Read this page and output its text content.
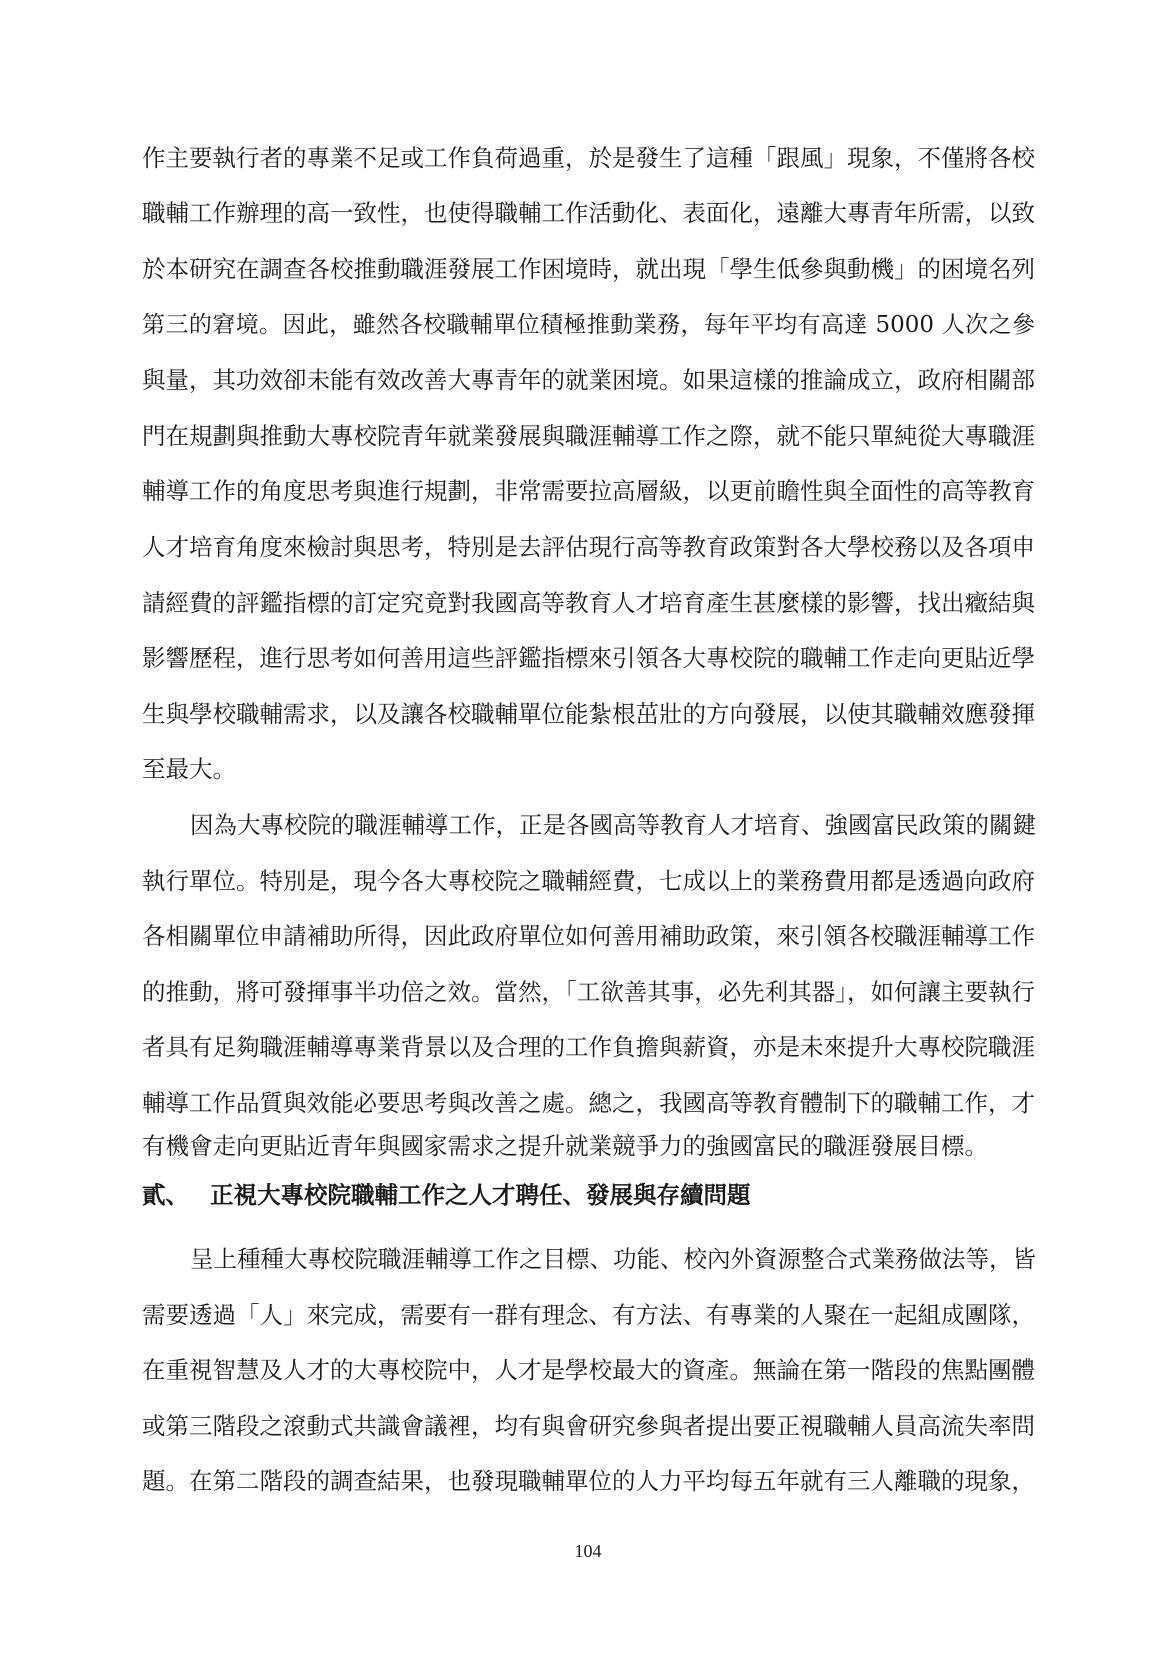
作主要執行者的專業不足或工作負荷過重，於是發生了這種「跟風」現象，不僅將各校
職輔工作辦理的高一致性，也使得職輔工作活動化、表面化，遠離大專青年所需，以致
於本研究在調查各校推動職涯發展工作困境時，就出現「學生低參與動機」的困境名列
第三的窘境。因此，雖然各校職輔單位積極推動業務，每年平均有高達 5000 人次之參
與量，其功效卻未能有效改善大專青年的就業困境。如果這樣的推論成立，政府相關部
門在規劃與推動大專校院青年就業發展與職涯輔導工作之際，就不能只單純從大專職涯
輔導工作的角度思考與進行規劃，非常需要拉高層級，以更前瞻性與全面性的高等教育
人才培育角度來檢討與思考，特別是去評估現行高等教育政策對各大學校務以及各項申
請經費的評鑑指標的訂定究竟對我國高等教育人才培育產生甚麼樣的影響，找出癥結與
影響歷程，進行思考如何善用這些評鑑指標來引領各大專校院的職輔工作走向更貼近學
生與學校職輔需求，以及讓各校職輔單位能紮根茁壯的方向發展，以使其職輔效應發揮
至最大。
因為大專校院的職涯輔導工作，正是各國高等教育人才培育、強國富民政策的關鍵
執行單位。特別是，現今各大專校院之職輔經費，七成以上的業務費用都是透過向政府
各相關單位申請補助所得，因此政府單位如何善用補助政策，來引領各校職涯輔導工作
的推動，將可發揮事半功倍之效。當然，「工欲善其事，必先利其器」，如何讓主要執行
者具有足夠職涯輔導專業背景以及合理的工作負擔與薪資，亦是未來提升大專校院職涯
輔導工作品質與效能必要思考與改善之處。總之，我國高等教育體制下的職輔工作，才
有機會走向更貼近青年與國家需求之提升就業競爭力的強國富民的職涯發展目標。
貳、 正視大專校院職輔工作之人才聘任、發展與存續問題
呈上種種大專校院職涯輔導工作之目標、功能、校內外資源整合式業務做法等，皆
需要透過「人」來完成，需要有一群有理念、有方法、有專業的人聚在一起組成團隊，
在重視智慧及人才的大專校院中，人才是學校最大的資產。無論在第一階段的焦點團體
或第三階段之滾動式共識會議裡，均有與會研究參與者提出要正視職輔人員高流失率問
題。在第二階段的調查結果，也發現職輔單位的人力平均每五年就有三人離職的現象，
104
